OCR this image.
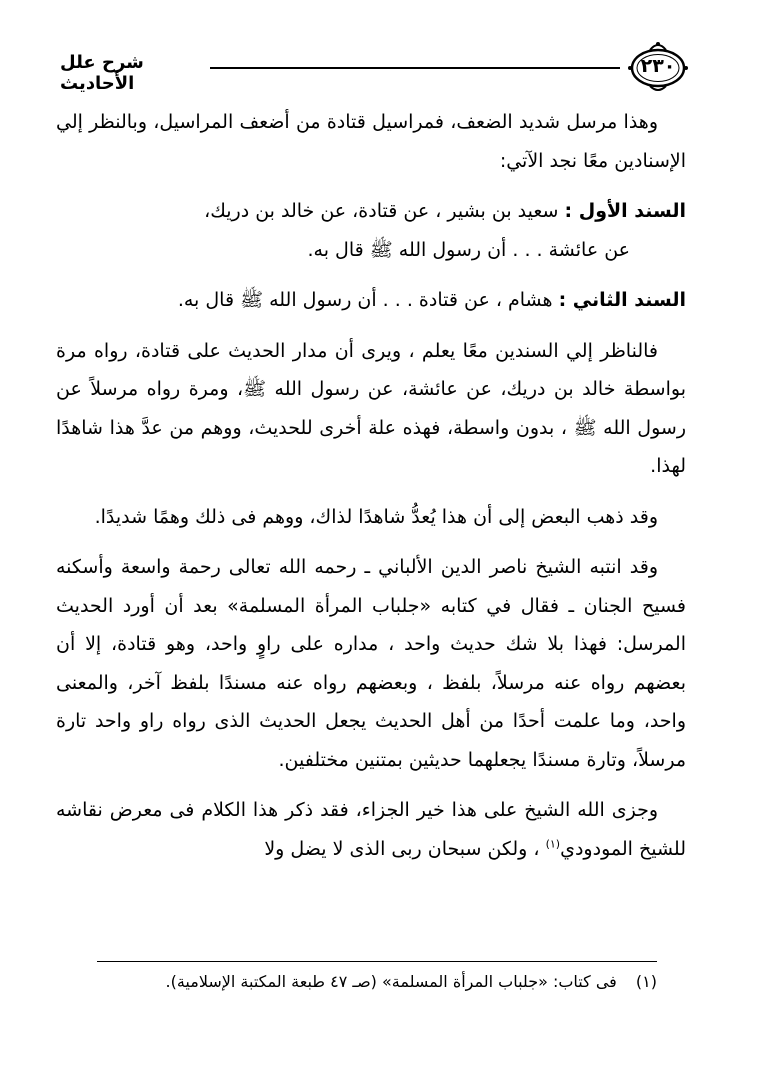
٢٣٠
شرح علل الأحاديث

وهذا مرسل شديد الضعف، فمراسيل قتادة من أضعف المراسيل، وبالنظر إلي الإسنادين معًا نجد الآتي:

السند الأول : سعيد بن بشير ، عن قتادة، عن خالد بن دريك،
عن عائشة . . . أن رسول الله ﷺ قال به.
السند الثاني : هشام ، عن قتادة . . . أن رسول الله ﷺ قال به.

فالناظر إلي السندين معًا يعلم ، ويرى أن مدار الحديث على قتادة، رواه مرة بواسطة خالد بن دريك، عن عائشة، عن رسول الله ﷺ، ومرة رواه مرسلاً عن رسول الله ﷺ ، بدون واسطة، فهذه علة أخرى للحديث، ووهم من عدَّ هذا شاهدًا لهذا.

وقد ذهب البعض إلى أن هذا يُعدُّ شاهدًا لذاك، ووهم فى ذلك وهمًا شديدًا.

وقد انتبه الشيخ ناصر الدين الألباني ـ رحمه الله تعالى رحمة واسعة وأسكنه فسيح الجنان ـ فقال في كتابه «جلباب المرأة المسلمة» بعد أن أورد الحديث المرسل: فهذا بلا شك حديث واحد ، مداره على راوٍ واحد، وهو قتادة، إلا أن بعضهم رواه عنه مرسلاً، بلفظ ، وبعضهم رواه عنه مسندًا بلفظ آخر، والمعنى واحد، وما علمت أحدًا من أهل الحديث يجعل الحديث الذى رواه راو واحد تارة مرسلاً، وتارة مسندًا يجعلهما حديثين بمتنين مختلفين.

وجزى الله الشيخ على هذا خير الجزاء، فقد ذكر هذا الكلام فى معرض نقاشه للشيخ المودودي$^{(١)}$ ، ولكن سبحان ربى الذى لا يضل ولا

(١) فى كتاب: «جلباب المرأة المسلمة» (صـ ٤٧ طبعة المكتبة الإسلامية).
